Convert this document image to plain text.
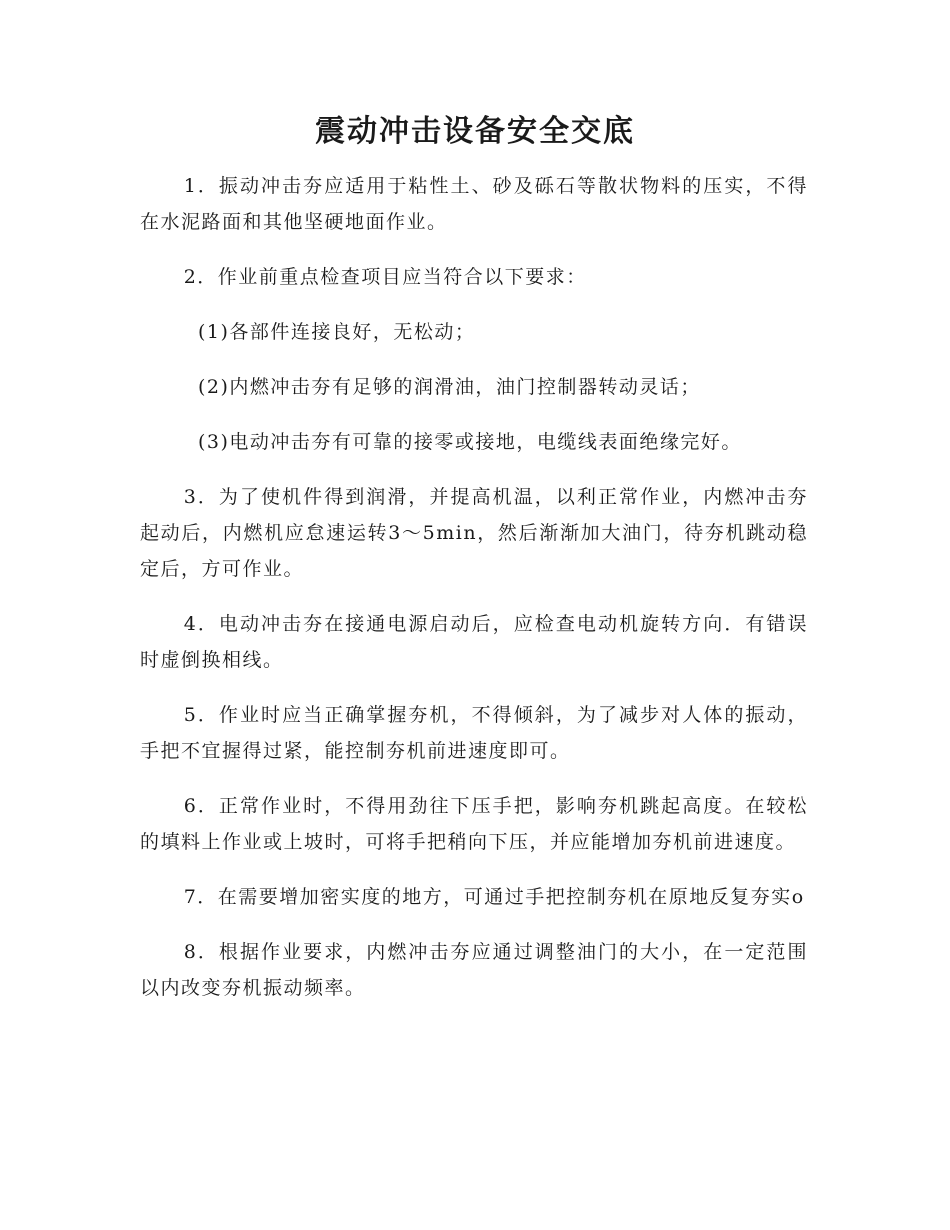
震动冲击设备安全交底

1．振动冲击夯应适用于粘性土、砂及砾石等散状物料的压实，不得在水泥路面和其他坚硬地面作业。

2．作业前重点检查项目应当符合以下要求：

(1)各部件连接良好，无松动；

(2)内燃冲击夯有足够的润滑油，油门控制器转动灵话；

(3)电动冲击夯有可靠的接零或接地，电缆线表面绝缘完好。

3．为了使机件得到润滑，并提高机温，以利正常作业，内燃冲击夯起动后，内燃机应怠速运转3～5min，然后渐渐加大油门，待夯机跳动稳定后，方可作业。

4．电动冲击夯在接通电源启动后，应检查电动机旋转方向．有错误时虚倒换相线。

5．作业时应当正确掌握夯机，不得倾斜，为了减步对人体的振动，手把不宜握得过紧，能控制夯机前进速度即可。

6．正常作业时，不得用劲往下压手把，影响夯机跳起高度。在较松的填料上作业或上坡时，可将手把稍向下压，并应能增加夯机前进速度。

7．在需要增加密实度的地方，可通过手把控制夯机在原地反复夯实o

8．根据作业要求，内燃冲击夯应通过调整油门的大小，在一定范围以内改变夯机振动频率。
